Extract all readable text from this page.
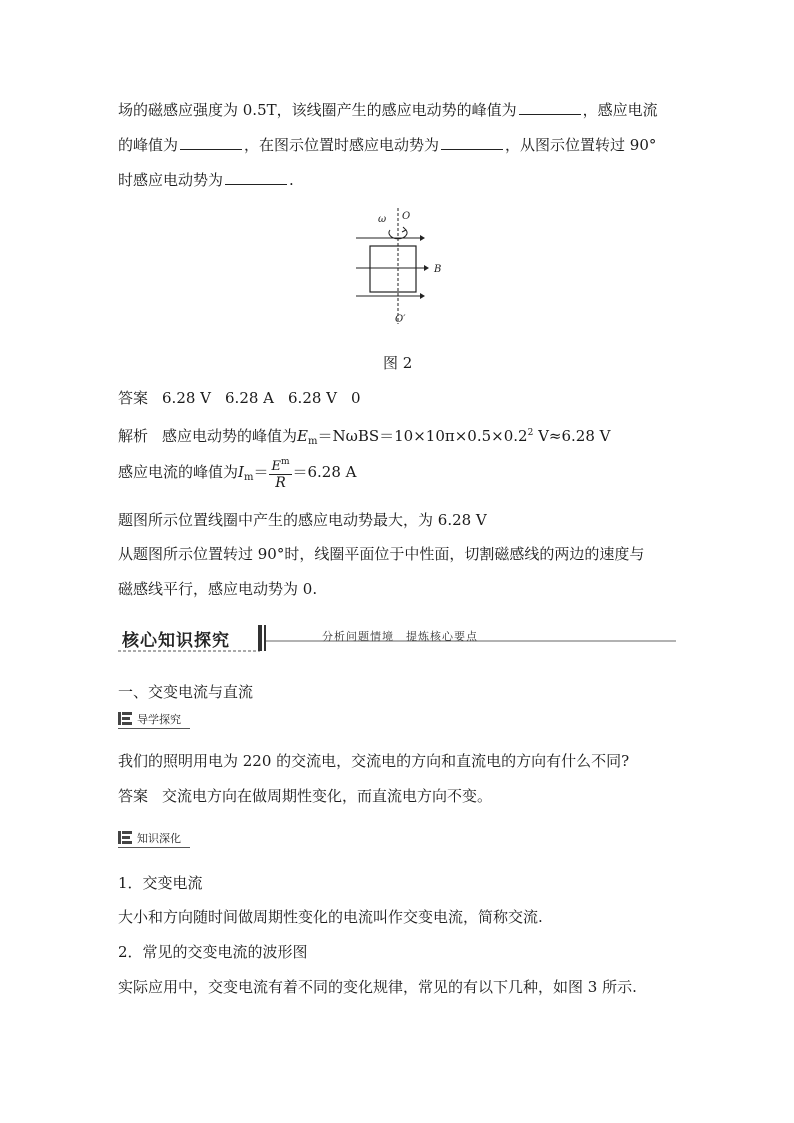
场的磁感应强度为 0.5T，该线圈产生的感应电动势的峰值为	，感应电流
的峰值为	，在图示位置时感应电动势为	，从图示位置转过 90°
时感应电动势为	.
ω O
B
O′
图 2
答案 6.28 V 6.28 A 6.28 V 0
解析 感应电动势的峰值为$E_m=N\omega BS=10\times 10\pi\times 0.5\times 0.2^2$ V≈6.28 V
感应电流的峰值为$I_m= \frac{E^m}{R} =6.28$ A
题图所示位置线圈中产生的感应电动势最大，为 6.28 V
从题图所示位置转过 90°时，线圈平面位于中性面，切割磁感线的两边的速度与
磁感线平行，感应电动势为 0.
核心知识探究	分析问题情境　提炼核心要点
一、交变电流与直流
导学探究
我们的照明用电为 220 的交流电，交流电的方向和直流电的方向有什么不同?
答案 交流电方向在做周期性变化，而直流电方向不变。
知识深化
1．交变电流
大小和方向随时间做周期性变化的电流叫作交变电流，简称交流.
2．常见的交变电流的波形图
实际应用中，交变电流有着不同的变化规律，常见的有以下几种，如图 3 所示.
